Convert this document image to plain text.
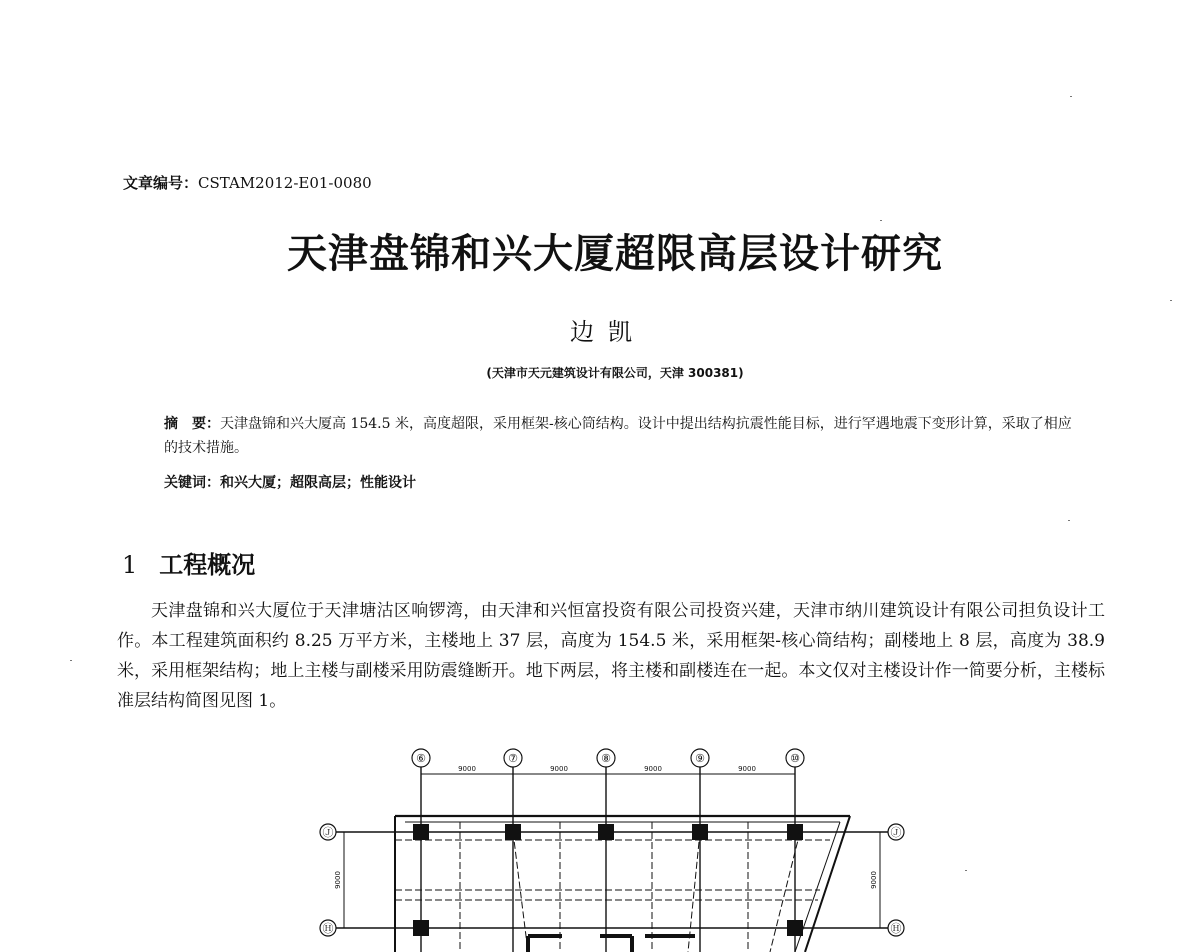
文章编号：CSTAM2012-E01-0080
天津盘锦和兴大厦超限高层设计研究
边凯
(天津市天元建筑设计有限公司，天津 300381)
摘　要：天津盘锦和兴大厦高 154.5 米，高度超限，采用框架-核心筒结构。设计中提出结构抗震性能目标，进行罕遇地震下变形计算，采取了相应的技术措施。
关键词：和兴大厦；超限高层；性能设计
1 工程概况
天津盘锦和兴大厦位于天津塘沽区响锣湾，由天津和兴恒富投资有限公司投资兴建，天津市纳川建筑设计有限公司担负设计工作。本工程建筑面积约 8.25 万平方米，主楼地上 37 层，高度为 154.5 米，采用框架-核心筒结构；副楼地上 8 层，高度为 38.9 米，采用框架结构；地上主楼与副楼采用防震缝断开。地下两层，将主楼和副楼连在一起。本文仅对主楼设计作一简要分析，主楼标准层结构简图见图 1。
⑥	⑦	⑧	⑨	⑩
Ⓙ	Ⓙ
Ⓗ	Ⓗ
9000	9000	9000	9000
9000	9000
